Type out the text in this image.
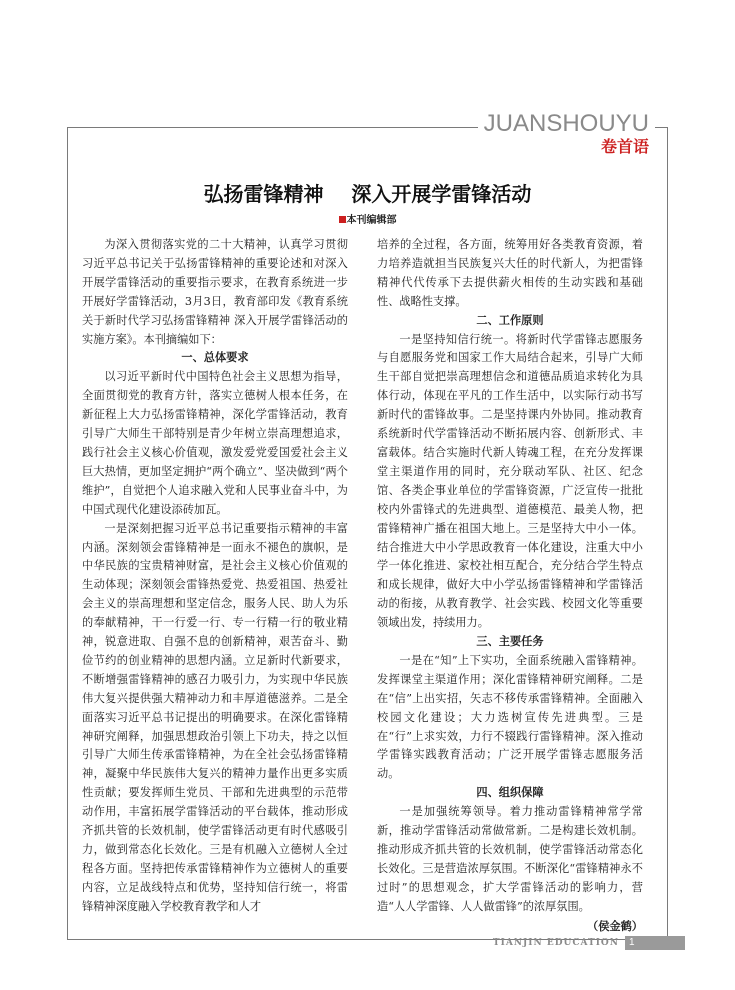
JUANSHOUYU
卷首语
弘扬雷锋精神    深入开展学雷锋活动
本刊编辑部

为深入贯彻落实党的二十大精神，认真学习贯彻习近平总书记关于弘扬雷锋精神的重要论述和对深入开展学雷锋活动的重要指示要求，在教育系统进一步开展好学雷锋活动，3月3日，教育部印发《教育系统关于新时代学习弘扬雷锋精神 深入开展学雷锋活动的实施方案》。本刊摘编如下：

一、总体要求

以习近平新时代中国特色社会主义思想为指导，全面贯彻党的教育方针，落实立德树人根本任务，在新征程上大力弘扬雷锋精神，深化学雷锋活动，教育引导广大师生干部特别是青少年树立崇高理想追求，践行社会主义核心价值观，激发爱党爱国爱社会主义巨大热情，更加坚定拥护“两个确立”、坚决做到“两个维护”，自觉把个人追求融入党和人民事业奋斗中，为中国式现代化建设添砖加瓦。

一是深刻把握习近平总书记重要指示精神的丰富内涵。深刻领会雷锋精神是一面永不褪色的旗帜，是中华民族的宝贵精神财富，是社会主义核心价值观的生动体现；深刻领会雷锋热爱党、热爱祖国、热爱社会主义的崇高理想和坚定信念，服务人民、助人为乐的奉献精神，干一行爱一行、专一行精一行的敬业精神，锐意进取、自强不息的创新精神，艰苦奋斗、勤俭节约的创业精神的思想内涵。立足新时代新要求，不断增强雷锋精神的感召力吸引力，为实现中华民族伟大复兴提供强大精神动力和丰厚道德滋养。二是全面落实习近平总书记提出的明确要求。在深化雷锋精神研究阐释，加强思想政治引领上下功夫，持之以恒引导广大师生传承雷锋精神，为在全社会弘扬雷锋精神，凝聚中华民族伟大复兴的精神力量作出更多实质性贡献；要发挥师生党员、干部和先进典型的示范带动作用，丰富拓展学雷锋活动的平台载体，推动形成齐抓共管的长效机制，使学雷锋活动更有时代感吸引力，做到常态化长效化。三是有机融入立德树人全过程各方面。坚持把传承雷锋精神作为立德树人的重要内容，立足战线特点和优势，坚持知信行统一，将雷锋精神深度融入学校教育教学和人才

培养的全过程，各方面，统筹用好各类教育资源，着力培养造就担当民族复兴大任的时代新人，为把雷锋精神代代传承下去提供薪火相传的生动实践和基础性、战略性支撑。

二、工作原则

一是坚持知信行统一。将新时代学雷锋志愿服务与自愿服务党和国家工作大局结合起来，引导广大师生干部自觉把崇高理想信念和道德品质追求转化为具体行动，体现在平凡的工作生活中，以实际行动书写新时代的雷锋故事。二是坚持课内外协同。推动教育系统新时代学雷锋活动不断拓展内容、创新形式、丰富载体。结合实施时代新人铸魂工程，在充分发挥课堂主渠道作用的同时，充分联动军队、社区、纪念馆、各类企事业单位的学雷锋资源，广泛宣传一批批校内外雷锋式的先进典型、道德模范、最美人物，把雷锋精神广播在祖国大地上。三是坚持大中小一体。结合推进大中小学思政教育一体化建设，注重大中小学一体化推进、家校社相互配合，充分结合学生特点和成长规律，做好大中小学弘扬雷锋精神和学雷锋活动的衔接，从教育教学、社会实践、校园文化等重要领域出发，持续用力。

三、主要任务

一是在“知”上下实功，全面系统融入雷锋精神。发挥课堂主渠道作用；深化雷锋精神研究阐释。二是在“信”上出实招，矢志不移传承雷锋精神。全面融入校园文化建设；大力选树宣传先进典型。三是在“行”上求实效，力行不辍践行雷锋精神。深入推动学雷锋实践教育活动；广泛开展学雷锋志愿服务活动。

四、组织保障

一是加强统筹领导。着力推动雷锋精神常学常新，推动学雷锋活动常做常新。二是构建长效机制。推动形成齐抓共管的长效机制，使学雷锋活动常态化长效化。三是营造浓厚氛围。不断深化“雷锋精神永不过时”的思想观念，扩大学雷锋活动的影响力，营造“人人学雷锋、人人做雷锋”的浓厚氛围。

（侯金鹤）
TIANJIN EDUCATION	1
